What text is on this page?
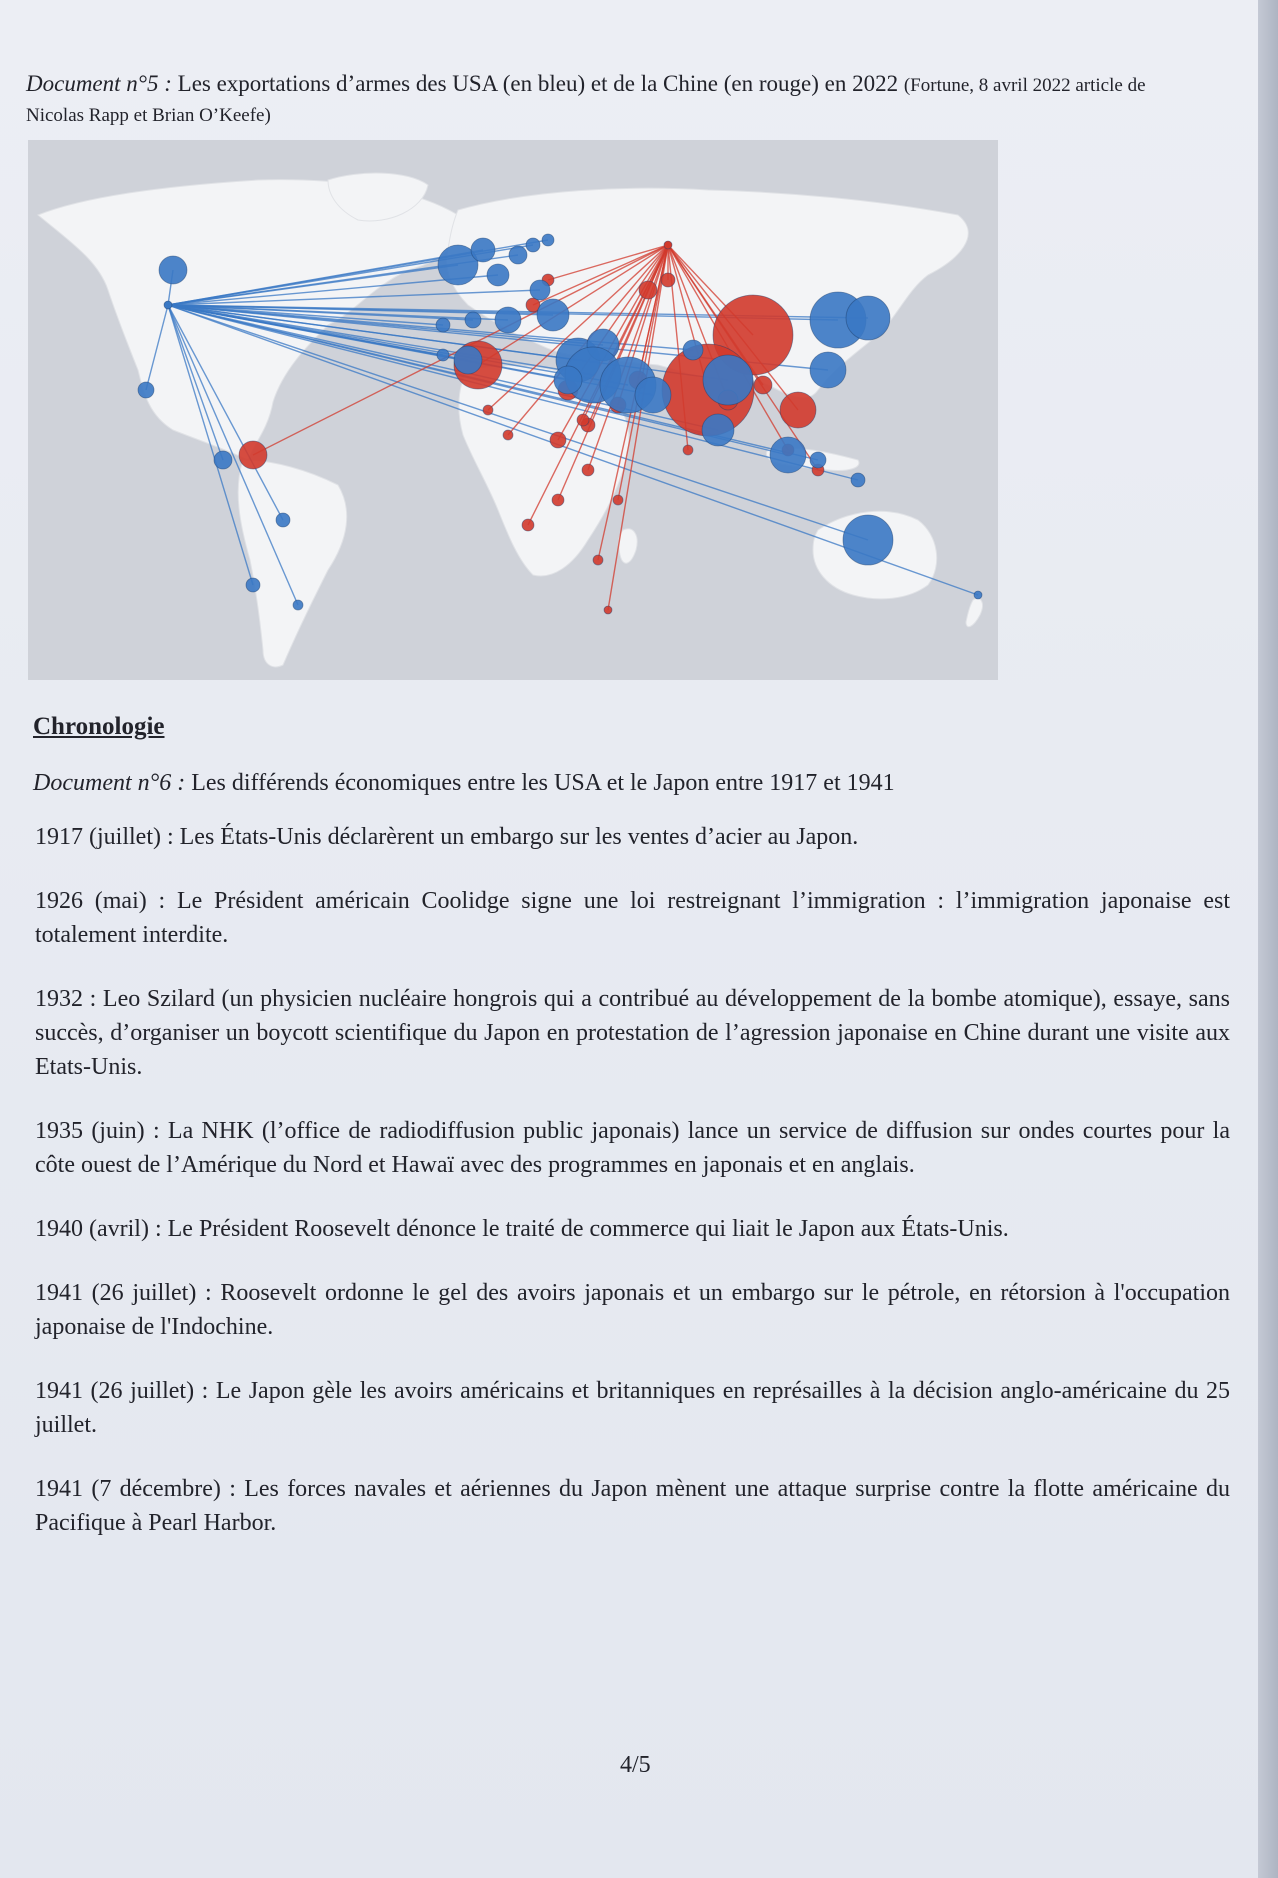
Document n°5 : Les exportations d’armes des USA (en bleu) et de la Chine (en rouge) en 2022 (Fortune, 8 avril 2022 article de Nicolas Rapp et Brian O’Keefe)
Chronologie
Document n°6 : Les différends économiques entre les USA et le Japon entre 1917 et 1941

1917 (juillet) : Les États-Unis déclarèrent un embargo sur les ventes d’acier au Japon.

1926 (mai) : Le Président américain Coolidge signe une loi restreignant l’immigration : l’immigration japonaise est totalement interdite.

1932 : Leo Szilard (un physicien nucléaire hongrois qui a contribué au développement de la bombe atomique), essaye, sans succès, d’organiser un boycott scientifique du Japon en protestation de l’agression japonaise en Chine durant une visite aux Etats-Unis.

1935 (juin) : La NHK (l’office de radiodiffusion public japonais) lance un service de diffusion sur ondes courtes pour la côte ouest de l’Amérique du Nord et Hawaï avec des programmes en japonais et en anglais.

1940 (avril) : Le Président Roosevelt dénonce le traité de commerce qui liait le Japon aux États-Unis.

1941 (26 juillet) : Roosevelt ordonne le gel des avoirs japonais et un embargo sur le pétrole, en rétorsion à l'occupation japonaise de l'Indochine.

1941 (26 juillet) : Le Japon gèle les avoirs américains et britanniques en représailles à la décision anglo-américaine du 25 juillet.

1941 (7 décembre) : Les forces navales et aériennes du Japon mènent une attaque surprise contre la flotte américaine du Pacifique à Pearl Harbor.

4/5
